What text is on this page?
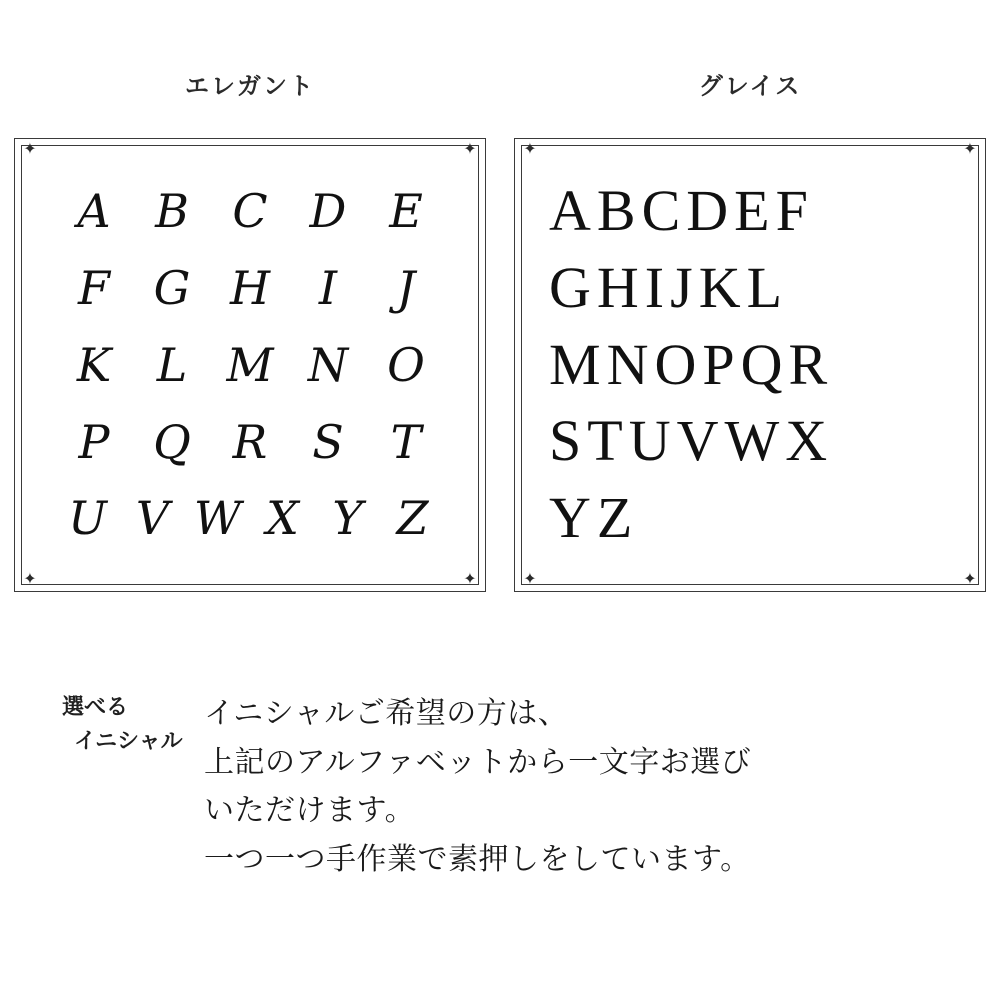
エレガント	グレイス
✦	✦
✦	✦
A B C D E
F G H	I	J
K L M N O
P Q R S	T
U V W X Y Z
✦	✦
✦	✦
A B C D E F
G H I J K L
M N O P Q R
S T U V W X
Y Z
選べる
イニシャル

イニシャルご希望の方は、

上記のアルファベットから一文字お選び

いただけます。

一つ一つ手作業で素押しをしています。
